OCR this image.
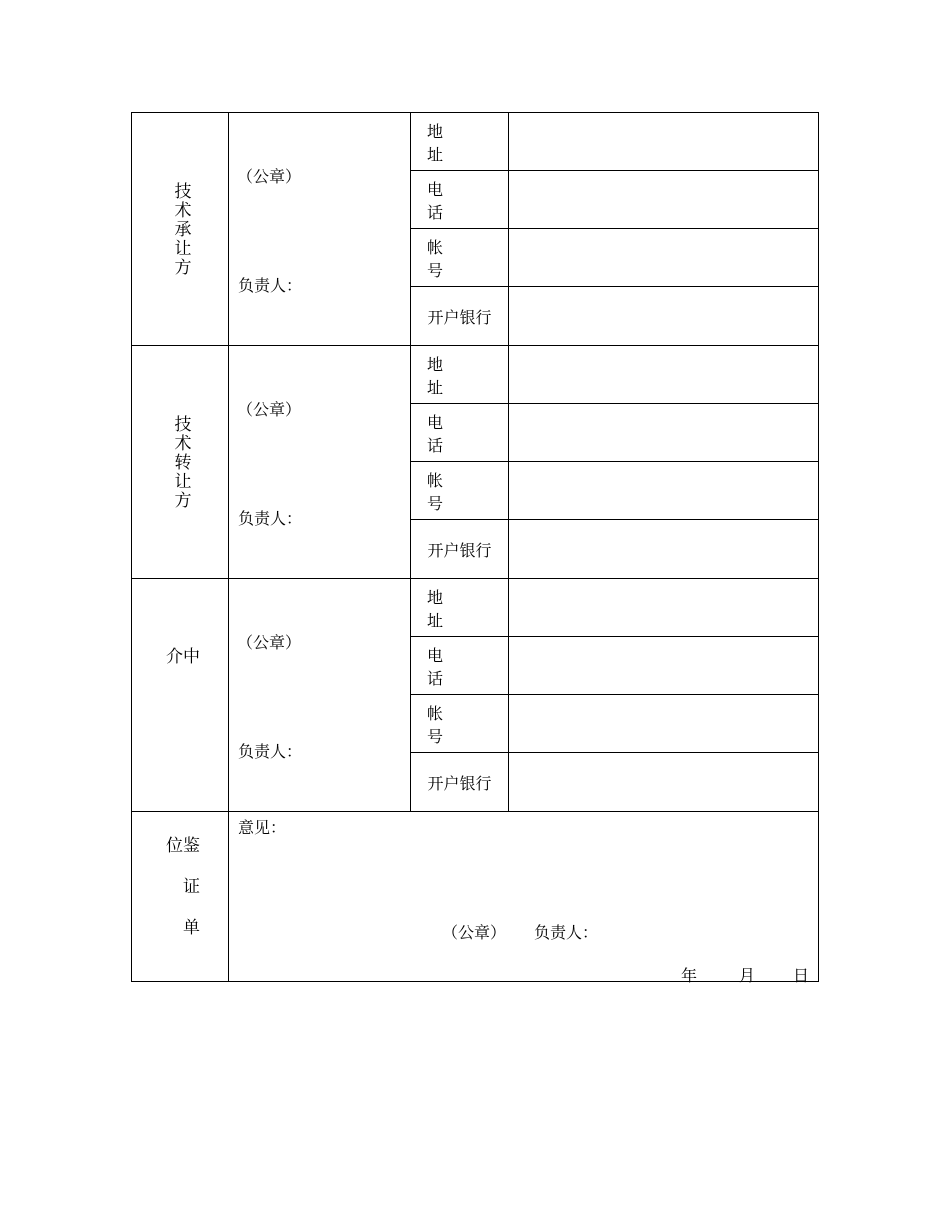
技术承让方
（公章）
负责人：
地　址
电　话
帐　号
开户银行
技术转让方
（公章）
负责人：
地　址
电　话
帐　号
开户银行
中介
（公章）
负责人：
地　址
电　话
帐　号
开户银行
鉴证单位
意见：
（公章） 负责人：
年	月 日
